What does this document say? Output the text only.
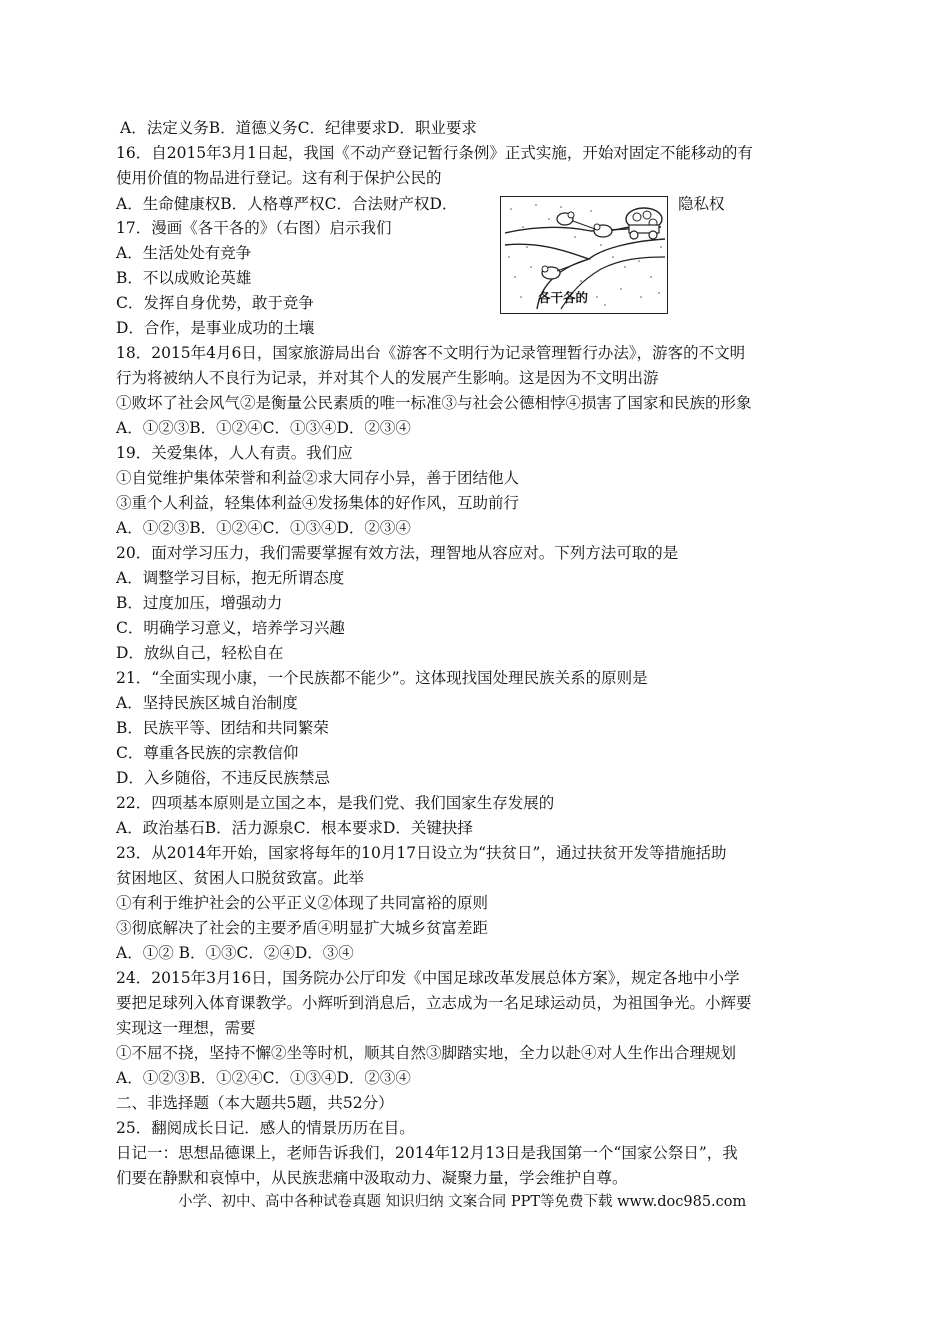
A．法定义务B．道德义务C．纪律要求D．职业要求
16．自2015年3月1日起，我国《不动产登记暂行条例》正式实施，开始对固定不能移动的有
使用价值的物品进行登记。这有利于保护公民的
A．生命健康权B．人格尊严权C．合法财产权D．	隐私权
各干各的
17．漫画《各干各的》（右图）启示我们
A．生活处处有竞争
B．不以成败论英雄
C．发挥自身优势，敢于竞争
D．合作，是事业成功的土壤
18．2015年4月6日，国家旅游局出台《游客不文明行为记录管理暂行办法》，游客的不文明
行为将被纳人不良行为记录，并对其个人的发展产生影响。这是因为不文明出游
①败坏了社会风气②是衡量公民素质的唯一标准③与社会公德相悖④损害了国家和民族的形象
A．①②③B．①②④C．①③④D．②③④
19．关爱集体，人人有责。我们应
①自觉维护集体荣誉和利益②求大同存小异，善于团结他人
③重个人利益，轻集体利益④发扬集体的好作风，互助前行
A．①②③B．①②④C．①③④D．②③④
20．面对学习压力，我们需要掌握有效方法，理智地从容应对。下列方法可取的是
A．调整学习目标，抱无所谓态度
B．过度加压，增强动力
C．明确学习意义，培养学习兴趣
D．放纵自己，轻松自在
21．“全面实现小康，一个民族都不能少”。这体现找国处理民族关系的原则是
A．坚持民族区城自治制度
B．民族平等、团结和共同繁荣
C．尊重各民族的宗教信仰
D．入乡随俗，不违反民族禁忌
22．四项基本原则是立国之本，是我们党、我们国家生存发展的
A．政治基石B．活力源泉C．根本要求D．关键抉择
23．从2014年开始，国家将每年的10月17日设立为“扶贫日”，通过扶贫开发等措施括助
贫困地区、贫困人口脱贫致富。此举
①有利于维护社会的公平正义②体现了共同富裕的原则
③彻底解决了社会的主要矛盾④明显扩大城乡贫富差距
A．①② B．①③C．②④D．③④
24．2015年3月16日，国务院办公厅印发《中国足球改革发展总体方案》，规定各地中小学
要把足球列入体育课教学。小辉听到消息后，立志成为一名足球运动员，为祖国争光。小辉要
实现这一理想，需要
①不屈不挠，坚持不懈②坐等时机，顺其自然③脚踏实地，全力以赴④对人生作出合理规划
A．①②③B．①②④C．①③④D．②③④
二、非选择题（本大题共5题，共52分）
25．翻阅成长日记．感人的情景历历在目。
日记一：思想品德课上，老师告诉我们，2014年12月13日是我国第一个“国家公祭日”，我
们要在静默和哀悼中，从民族悲痛中汲取动力、凝聚力量，学会维护自尊。
小学、初中、高中各种试卷真题 知识归纳 文案合同 PPT等免费下载 www.doc985.com
